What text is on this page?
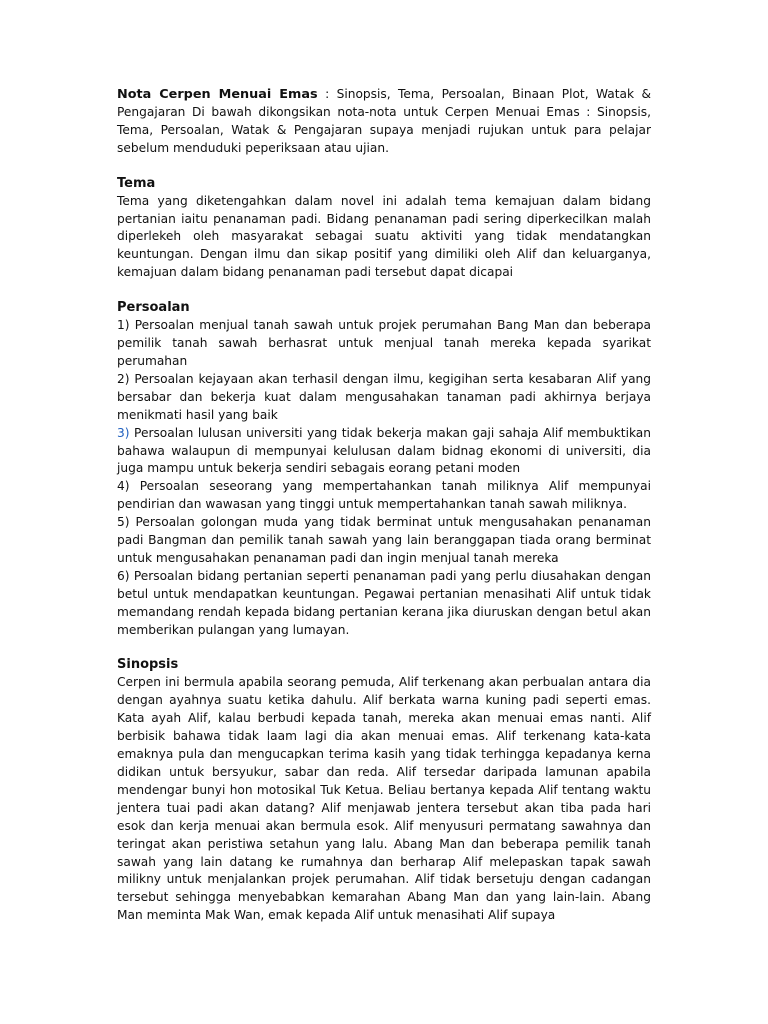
Nota Cerpen Menuai Emas : Sinopsis, Tema, Persoalan, Binaan Plot, Watak & Pengajaran Di bawah dikongsikan nota-nota untuk Cerpen Menuai Emas : Sinopsis, Tema, Persoalan, Watak & Pengajaran supaya menjadi rujukan untuk para pelajar sebelum menduduki peperiksaan atau ujian.

Tema

Tema yang diketengahkan dalam novel ini adalah tema kemajuan dalam bidang pertanian iaitu penanaman padi. Bidang penanaman padi sering diperkecilkan malah diperlekeh oleh masyarakat sebagai suatu aktiviti yang tidak mendatangkan keuntungan. Dengan ilmu dan sikap positif yang dimiliki oleh Alif dan keluarganya, kemajuan dalam bidang penanaman padi tersebut dapat dicapai

Persoalan

1) Persoalan menjual tanah sawah untuk projek perumahan Bang Man dan beberapa pemilik tanah sawah berhasrat untuk menjual tanah mereka kepada syarikat perumahan

2) Persoalan kejayaan akan terhasil dengan ilmu, kegigihan serta kesabaran Alif yang bersabar dan bekerja kuat dalam mengusahakan tanaman padi akhirnya berjaya menikmati hasil yang baik

3) Persoalan lulusan universiti yang tidak bekerja makan gaji sahaja Alif membuktikan bahawa walaupun di mempunyai kelulusan dalam bidnag ekonomi di universiti, dia juga mampu untuk bekerja sendiri sebagais eorang petani moden

4) Persoalan seseorang yang mempertahankan tanah miliknya Alif mempunyai pendirian dan wawasan yang tinggi untuk mempertahankan tanah sawah miliknya.

5) Persoalan golongan muda yang tidak berminat untuk mengusahakan penanaman padi Bangman dan pemilik tanah sawah yang lain beranggapan tiada orang berminat untuk mengusahakan penanaman padi dan ingin menjual tanah mereka

6) Persoalan bidang pertanian seperti penanaman padi yang perlu diusahakan dengan betul untuk mendapatkan keuntungan. Pegawai pertanian menasihati Alif untuk tidak memandang rendah kepada bidang pertanian kerana jika diuruskan dengan betul akan memberikan pulangan yang lumayan.

Sinopsis

Cerpen ini bermula apabila seorang pemuda, Alif terkenang akan perbualan antara dia dengan ayahnya suatu ketika dahulu. Alif berkata warna kuning padi seperti emas. Kata ayah Alif, kalau berbudi kepada tanah, mereka akan menuai emas nanti. Alif berbisik bahawa tidak laam lagi dia akan menuai emas. Alif terkenang kata-kata emaknya pula dan mengucapkan terima kasih yang tidak terhingga kepadanya kerna didikan untuk bersyukur, sabar dan reda. Alif tersedar daripada lamunan apabila mendengar bunyi hon motosikal Tuk Ketua. Beliau bertanya kepada Alif tentang waktu jentera tuai padi akan datang? Alif menjawab jentera tersebut akan tiba pada hari esok dan kerja menuai akan bermula esok. Alif menyusuri permatang sawahnya dan teringat akan peristiwa setahun yang lalu. Abang Man dan beberapa pemilik tanah sawah yang lain datang ke rumahnya dan berharap Alif melepaskan tapak sawah milikny untuk menjalankan projek perumahan. Alif tidak bersetuju dengan cadangan tersebut sehingga menyebabkan kemarahan Abang Man dan yang lain-lain. Abang Man meminta Mak Wan, emak kepada Alif untuk menasihati Alif supaya
